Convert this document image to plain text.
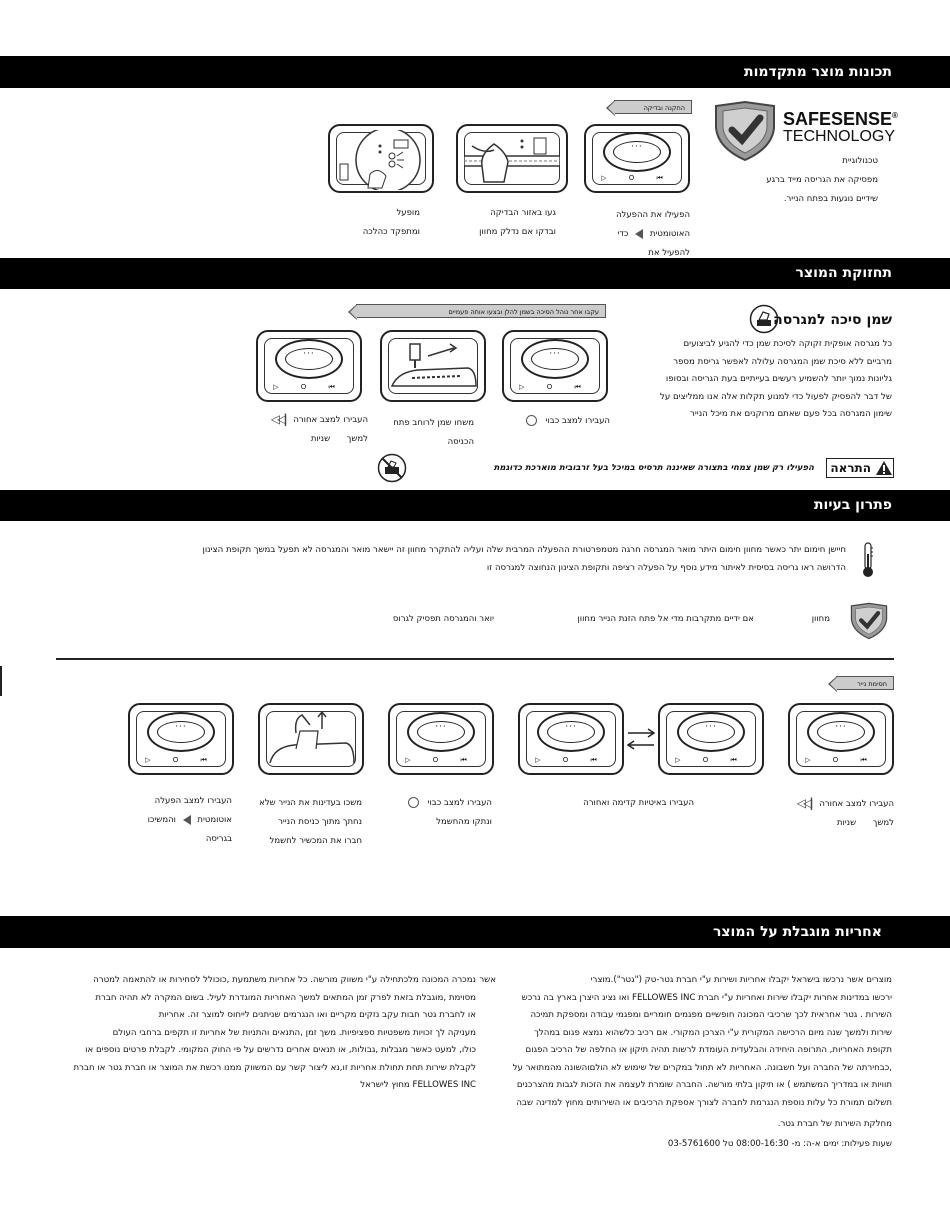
תכונות מוצר מתקדמות
SAFESENSE®
TECHNOLOGY
טכנולוגיית
מפסיקה את הגריסה מייד ברגע
שידיים נוגעות בפתח הנייר.
התקנה ובדיקה
···
▷ O ⏮
הפעילו את ההפעלה
האוטומטית  כדי
להפעיל את
געו באזור הבדיקה
ובדקו אם נדלק מחוון
מופעל
ומתפקד כהלכה
תחזוקת המוצר
שמן סיכה למגרסה
כל מגרסה אופקית זקוקה לסיכת שמן כדי להגיע לביצועים
מרביים ללא סיכת שמן המגרסה עלולה לאפשר גריסת מספר
גליונות נמוך יותר להשמיע רעשים בעייתיים בעת הגריסה ובסופו
של דבר להפסיק לפעול כדי למנוע תקלות אלה אנו ממליצים על
שימון המגרסה בכל פעם שאתם מרוקנים את מיכל הנייר
עקבו אחר נוהל הסיכה בשמן להלן ובצעו אותה פעמיים
···
▷ O ⏮
···
▷ O ⏮
העבירו למצב כבוי
משחו שמן לרוחב פתח
הכניסה
העבירו למצב אחורה |◁◁
למשך שניות
התראה
הפעילו רק שמן צמחי בתצורה שאיננה תרסיס במיכל בעל זרבובית מוארכת כדוגמת
פתרון בעיות
חיישן חימום יתר כאשר מחוון חימום היתר מואר המגרסה חרגה מטמפרטורת ההפעלה המרבית שלה ועליה להתקרר מחוון זה יישאר מואר והמגרסה לא תפעל במשך תקופת הצינון
הדרושה ראו גריסה בסיסית לאיתור מידע נוסף על הפעלה רציפה ותקופת הצינון הנחוצה למגרסה זו
מחוון
אם ידיים מתקרבות מדי אל פתח הזנת הנייר מחוון
יואר והמגרסה תפסיק לגרוס
חסימת נייר
···
▷ O ⏮
···
▷ O ⏮
···
▷ O ⏮
···
▷ O ⏮
···
▷ O ⏮
העבירו למצב אחורה |◁◁
למשך שניות
העבירו באיטיות קדימה ואחורה
העבירו למצב כבוי
ונתקו מהחשמל
משכו בעדינות את הנייר שלא
נחתך מתוך כניסת הנייר
חברו את המכשיר לחשמל
העבירו למצב הפעלה
אוטומטית  והמשיכו
בגריסה
אחריות מוגבלת על המוצר
מוצרים אשר נרכשו בישראל יקבלו אחריות ושירות ע"י חברת גטר-טק ("גטר").מוצרי
ירכשו במדינות אחרות יקבלו שירות ואחריות ע"י חברת FELLOWES INC ואו נציג היצרן בארץ בה נרכש
השירות . גטר אחראית לכך שרכיבי המכונה חופשיים מפגמים חומריים ומפגמי עבודה ומספקת תמיכה
שירות ולמשך שנה מיום הרכישה המקורית ע"י הצרכן המקורי. אם רכיב כלשהוא נמצא פגום במהלך
תקופת האחריות, התרופה היחידה והבלעדית העומדת לרשות תהיה תיקון או החלפה של הרכיב הפגום
,כבחירתה של החברה ועל חשבונה. האחריות לא תחול במקרים של שימוש לא הולםוהשונה מהמתואר על
תוויות או במדריך המשתמש ) או תיקון בלתי מורשה. החברה שומרת לעצמה את הזכות לגבות מהצרכנים
תשלום תמורת כל עלות נוספת הנגרמת לחברה לצורך אספקת הרכיבים או השירותים מחוץ למדינה שבה
מחלקת השירות של חברת גטר.
שעות פעילות: ימים א-ה: מ- 08:00-16:30 טל 03-5761600
אשר
נמכרה המכונה מלכתחילה ע"י משווק מורשה. כל אחריות משתמעת ,כוכולל לסחירות או להתאמה למטרה
מסוימת ,מוגבלת בזאת לפרק זמן המתאים למשך האחריות המוגדרת לעיל. בשום המקרה לא תהיה חברת
או לחברת גטר חבות עקב נזקים מקריים ואו הנגרמים שניתנים לייחוס למוצר זה. אחריות
מעניקה לך זכויות משפטיות ספציפיות. משך זמן ,התנאים והתניות של אחריות זו תקפים ברחבי העולם
כולו, למעט כאשר מגבלות ,גבולות, או תנאים אחרים נדרשים על פי החוק המקומי. לקבלת פרטים נוספים או
לקבלת שירות תחת תחולת אחריות זו,נא ליצור קשר עם המשווק ממנו רכשת את המוצר או חברת גטר או חברת
FELLOWES INC מחוץ לישראל
